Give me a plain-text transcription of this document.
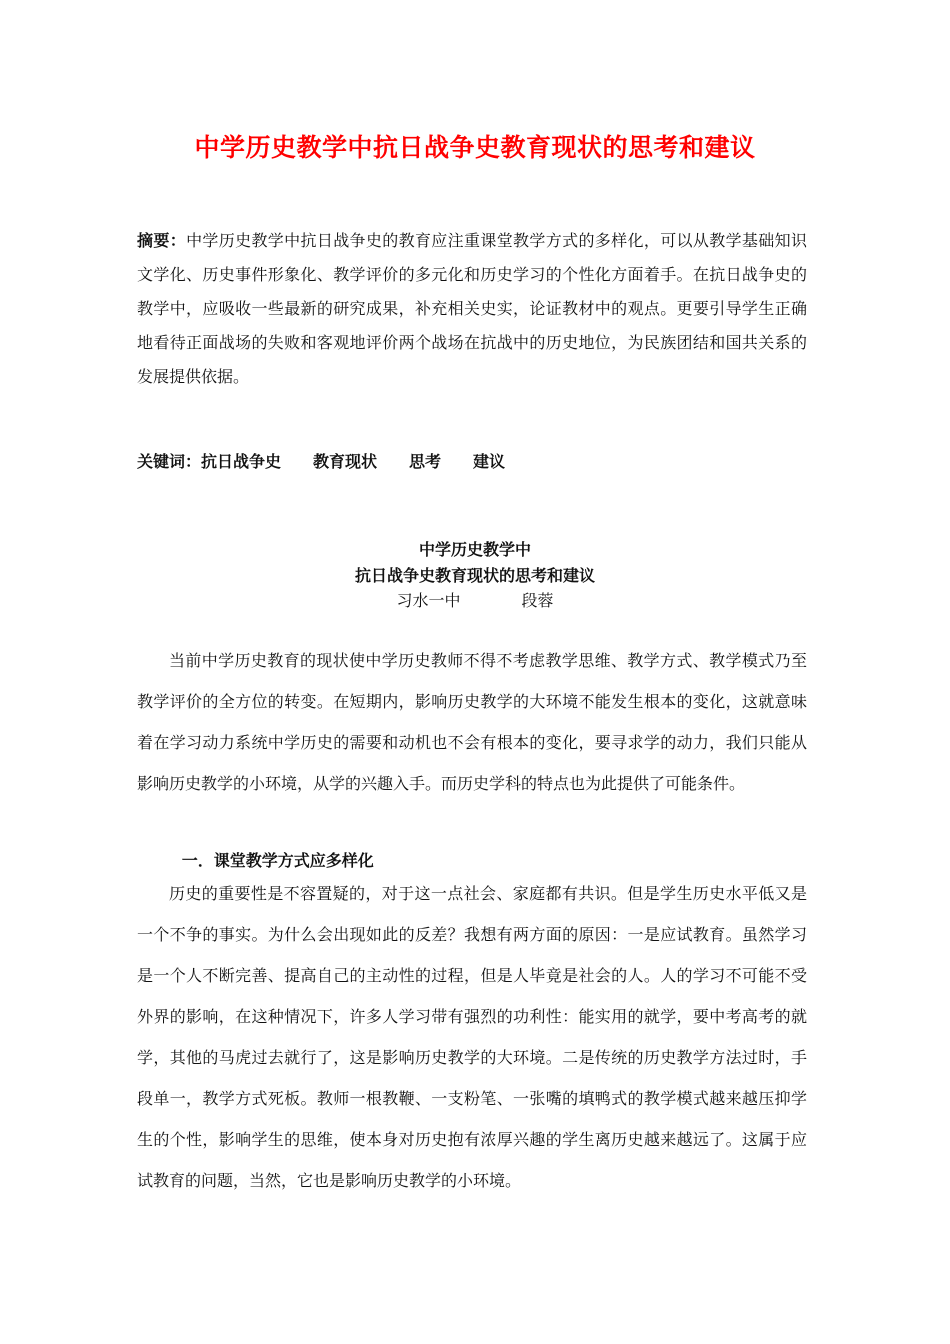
中学历史教学中抗日战争史教育现状的思考和建议

摘要：中学历史教学中抗日战争史的教育应注重课堂教学方式的多样化，可以从教学基础知识文学化、历史事件形象化、教学评价的多元化和历史学习的个性化方面着手。在抗日战争史的教学中，应吸收一些最新的研究成果，补充相关史实，论证教材中的观点。更要引导学生正确地看待正面战场的失败和客观地评价两个战场在抗战中的历史地位，为民族团结和国共关系的发展提供依据。

关键词：抗日战争史　　教育现状　　思考　　建议

中学历史教学中

抗日战争史教育现状的思考和建议

习水一中            段蓉

当前中学历史教育的现状使中学历史教师不得不考虑教学思维、教学方式、教学模式乃至教学评价的全方位的转变。在短期内，影响历史教学的大环境不能发生根本的变化，这就意味着在学习动力系统中学历史的需要和动机也不会有根本的变化，要寻求学的动力，我们只能从影响历史教学的小环境，从学的兴趣入手。而历史学科的特点也为此提供了可能条件。

一．课堂教学方式应多样化

历史的重要性是不容置疑的，对于这一点社会、家庭都有共识。但是学生历史水平低又是一个不争的事实。为什么会出现如此的反差？我想有两方面的原因：一是应试教育。虽然学习是一个人不断完善、提高自己的主动性的过程，但是人毕竟是社会的人。人的学习不可能不受外界的影响，在这种情况下，许多人学习带有强烈的功利性：能实用的就学，要中考高考的就学，其他的马虎过去就行了，这是影响历史教学的大环境。二是传统的历史教学方法过时，手段单一，教学方式死板。教师一根教鞭、一支粉笔、一张嘴的填鸭式的教学模式越来越压抑学生的个性，影响学生的思维，使本身对历史抱有浓厚兴趣的学生离历史越来越远了。这属于应试教育的问题，当然，它也是影响历史教学的小环境。
